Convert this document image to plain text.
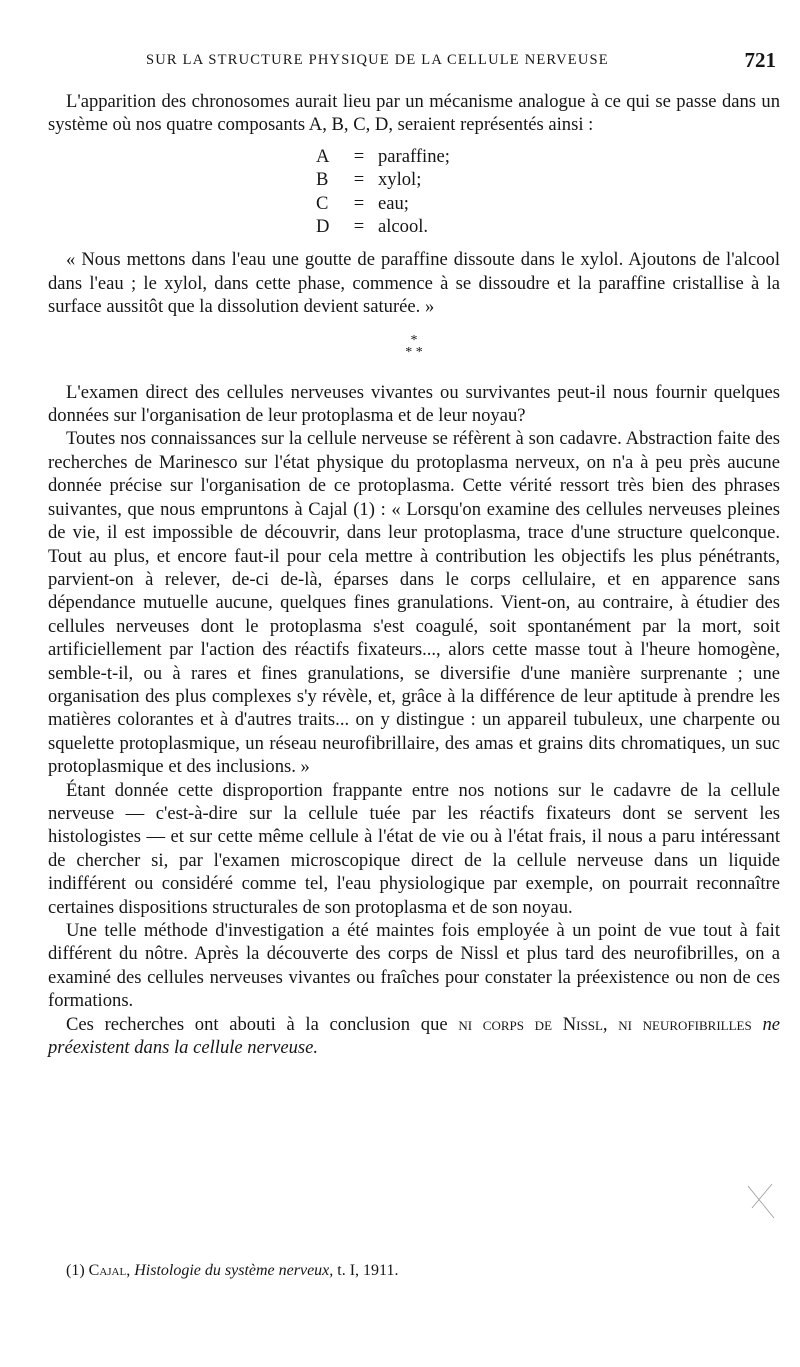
SUR LA STRUCTURE PHYSIQUE DE LA CELLULE NERVEUSE	721

L'apparition des chronosomes aurait lieu par un mécanisme analogue à ce qui se passe dans un système où nos quatre composants A, B, C, D, seraient représentés ainsi :

A	= paraffine;
B	= xylol;
C	= eau;
D	= alcool.

« Nous mettons dans l'eau une goutte de paraffine dissoute dans le xylol. Ajoutons de l'alcool dans l'eau ; le xylol, dans cette phase, commence à se dissoudre et la paraffine cristallise à la surface aussitôt que la dissolution devient saturée. »

*
* *

L'examen direct des cellules nerveuses vivantes ou survivantes peut-il nous fournir quelques données sur l'organisation de leur protoplasma et de leur noyau?

Toutes nos connaissances sur la cellule nerveuse se réfèrent à son cadavre. Abstraction faite des recherches de Marinesco sur l'état physique du protoplasma nerveux, on n'a à peu près aucune donnée précise sur l'organisation de ce protoplasma. Cette vérité ressort très bien des phrases suivantes, que nous empruntons à Cajal (1) : « Lorsqu'on examine des cellules nerveuses pleines de vie, il est impossible de découvrir, dans leur protoplasma, trace d'une structure quelconque. Tout au plus, et encore faut-il pour cela mettre à contribution les objectifs les plus pénétrants, parvient-on à relever, de-ci de-là, éparses dans le corps cellulaire, et en apparence sans dépendance mutuelle aucune, quelques fines granulations. Vient-on, au contraire, à étudier des cellules nerveuses dont le protoplasma s'est coagulé, soit spontanément par la mort, soit artificiellement par l'action des réactifs fixateurs..., alors cette masse tout à l'heure homogène, semble-t-il, ou à rares et fines granulations, se diversifie d'une manière surprenante ; une organisation des plus complexes s'y révèle, et, grâce à la différence de leur aptitude à prendre les matières colorantes et à d'autres traits... on y distingue : un appareil tubuleux, une charpente ou squelette protoplasmique, un réseau neurofibrillaire, des amas et grains dits chromatiques, un suc protoplasmique et des inclusions. »

Étant donnée cette disproportion frappante entre nos notions sur le cadavre de la cellule nerveuse — c'est-à-dire sur la cellule tuée par les réactifs fixateurs dont se servent les histologistes — et sur cette même cellule à l'état de vie ou à l'état frais, il nous a paru intéressant de chercher si, par l'examen microscopique direct de la cellule nerveuse dans un liquide indifférent ou considéré comme tel, l'eau physiologique par exemple, on pourrait reconnaître certaines dispositions structurales de son protoplasma et de son noyau.

Une telle méthode d'investigation a été maintes fois employée à un point de vue tout à fait différent du nôtre. Après la découverte des corps de Nissl et plus tard des neurofibrilles, on a examiné des cellules nerveuses vivantes ou fraîches pour constater la préexistence ou non de ces formations.

Ces recherches ont abouti à la conclusion que ni corps de Nissl, ni neurofibrilles ne préexistent dans la cellule nerveuse.

(1) Cajal, Histologie du système nerveux, t. I, 1911.
